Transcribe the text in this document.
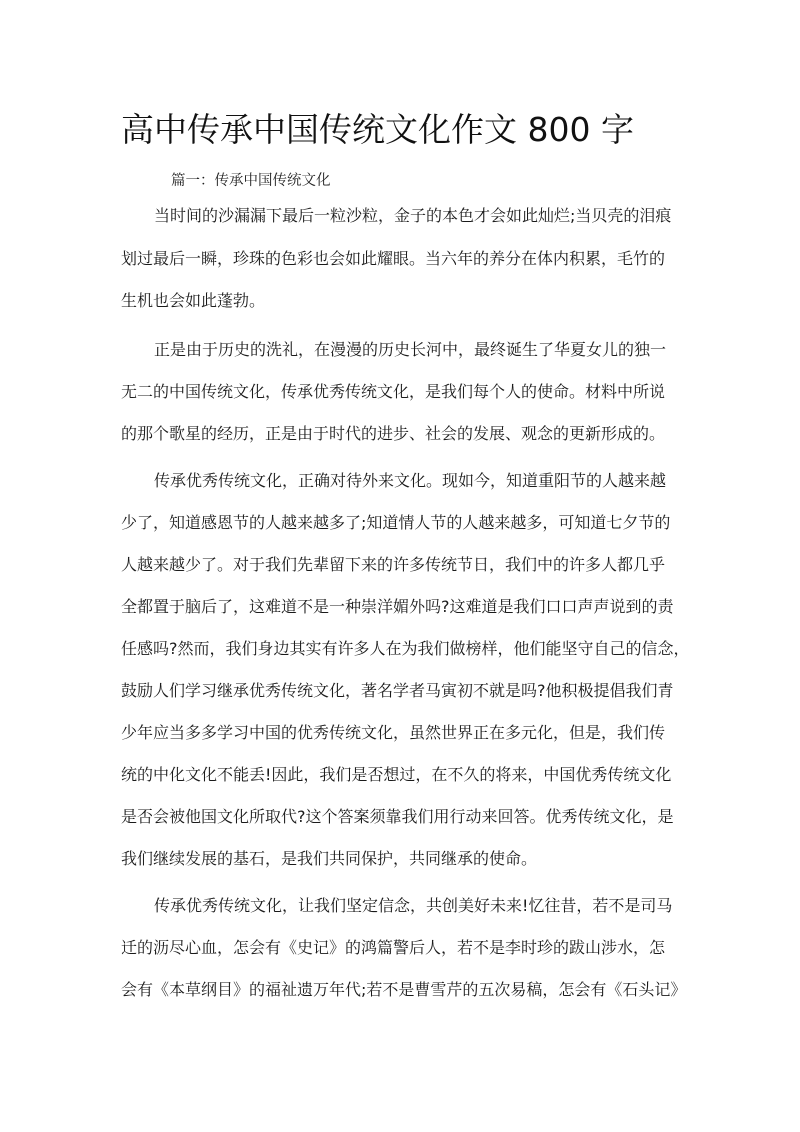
高中传承中国传统文化作文 800 字
篇一：传承中国传统文化

当时间的沙漏漏下最后一粒沙粒，金子的本色才会如此灿烂;当贝壳的泪痕

划过最后一瞬，珍珠的色彩也会如此耀眼。当六年的养分在体内积累，毛竹的

生机也会如此蓬勃。

正是由于历史的洗礼，在漫漫的历史长河中，最终诞生了华夏女儿的独一

无二的中国传统文化，传承优秀传统文化，是我们每个人的使命。材料中所说

的那个歌星的经历，正是由于时代的进步、社会的发展、观念的更新形成的。

传承优秀传统文化，正确对待外来文化。现如今，知道重阳节的人越来越

少了，知道感恩节的人越来越多了;知道情人节的人越来越多，可知道七夕节的

人越来越少了。对于我们先辈留下来的许多传统节日，我们中的许多人都几乎

全都置于脑后了，这难道不是一种崇洋媚外吗?这难道是我们口口声声说到的责

任感吗?然而，我们身边其实有许多人在为我们做榜样，他们能坚守自己的信念，

鼓励人们学习继承优秀传统文化，著名学者马寅初不就是吗?他积极提倡我们青

少年应当多多学习中国的优秀传统文化，虽然世界正在多元化，但是，我们传

统的中化文化不能丢!因此，我们是否想过，在不久的将来，中国优秀传统文化

是否会被他国文化所取代?这个答案须靠我们用行动来回答。优秀传统文化，是

我们继续发展的基石，是我们共同保护，共同继承的使命。

传承优秀传统文化，让我们坚定信念，共创美好未来!忆往昔，若不是司马

迁的沥尽心血，怎会有《史记》的鸿篇警后人，若不是李时珍的跋山涉水，怎

会有《本草纲目》的福祉遗万年代;若不是曹雪芹的五次易稿，怎会有《石头记》
